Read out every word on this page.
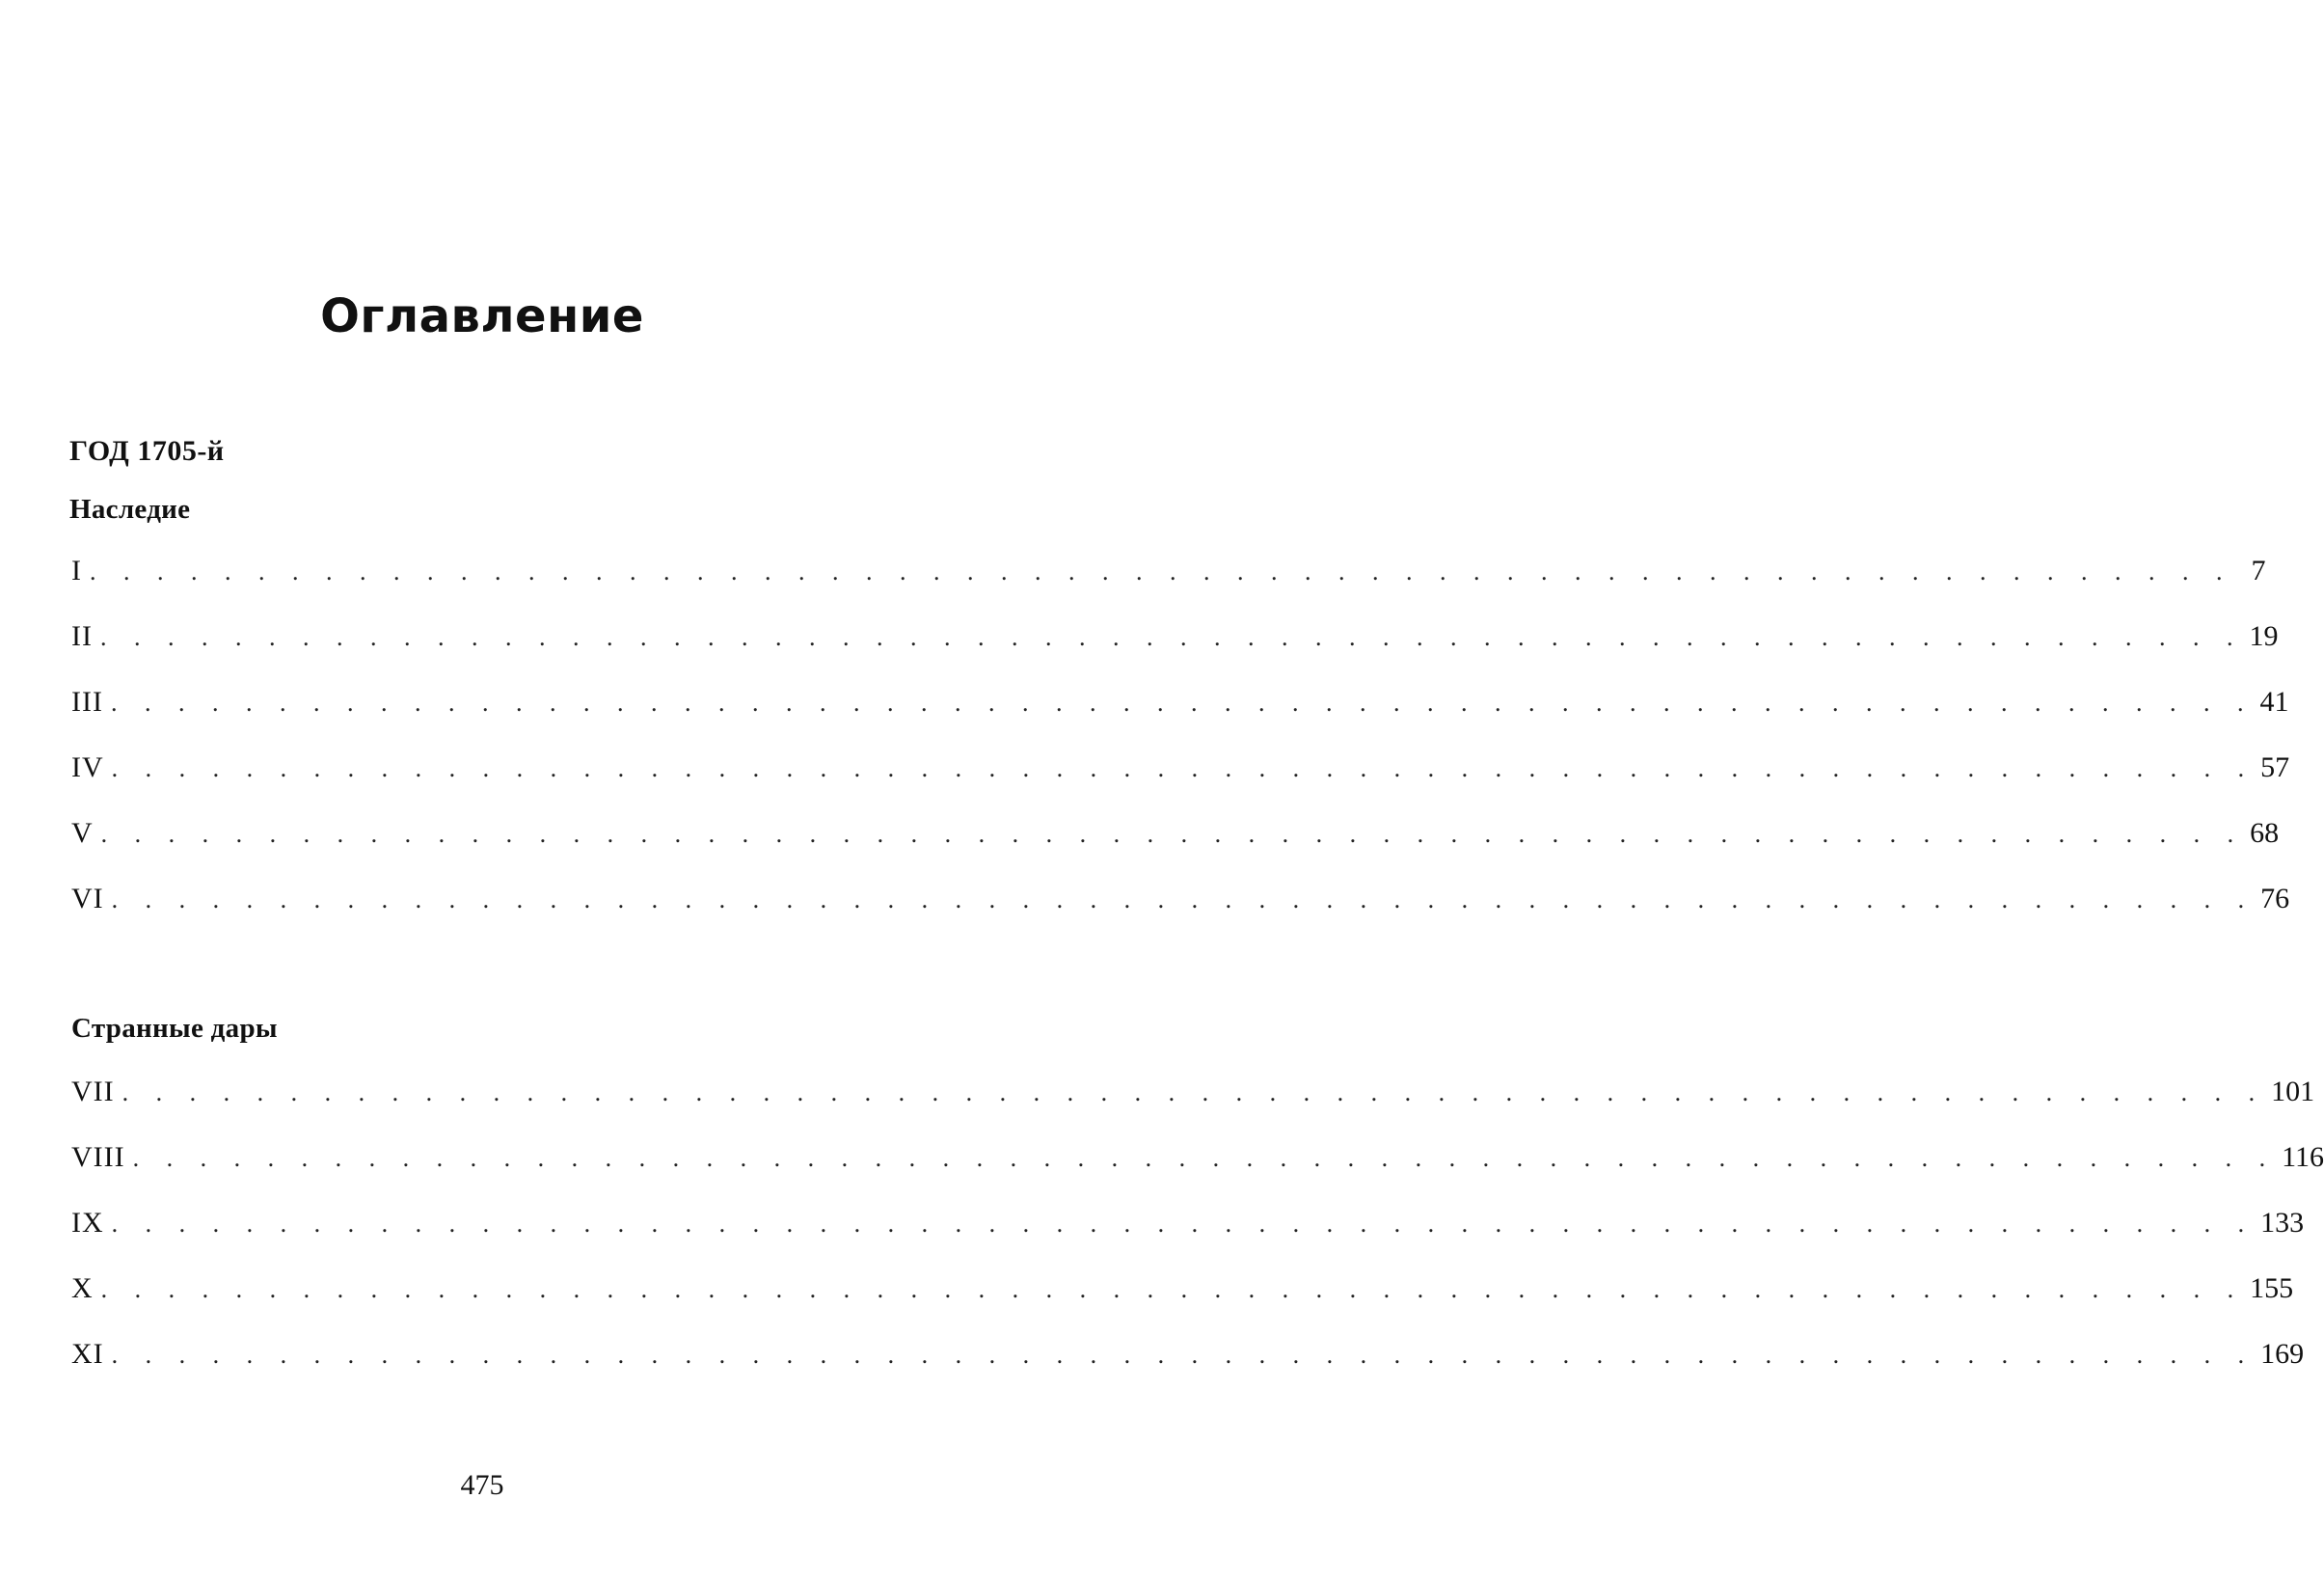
Оглавление
ГОД 1705-й
Наследие
I . . . . . . . . . . . . . . . . . . . . . . . . . . . . . . . . . . . . . . . . . . . . . . . . . . . . . . . . . . . . . . . . 7
II . . . . . . . . . . . . . . . . . . . . . . . . . . . . . . . . . . . . . . . . . . . . . . . . . . . . . . . . . . . . . . . . 19
III . . . . . . . . . . . . . . . . . . . . . . . . . . . . . . . . . . . . . . . . . . . . . . . . . . . . . . . . . . . . . . . . 41
IV . . . . . . . . . . . . . . . . . . . . . . . . . . . . . . . . . . . . . . . . . . . . . . . . . . . . . . . . . . . . . . . . 57
V . . . . . . . . . . . . . . . . . . . . . . . . . . . . . . . . . . . . . . . . . . . . . . . . . . . . . . . . . . . . . . . . 68
VI . . . . . . . . . . . . . . . . . . . . . . . . . . . . . . . . . . . . . . . . . . . . . . . . . . . . . . . . . . . . . . . . 76
Странные дары
VII . . . . . . . . . . . . . . . . . . . . . . . . . . . . . . . . . . . . . . . . . . . . . . . . . . . . . . . . . . . . . . . . 101
VIII . . . . . . . . . . . . . . . . . . . . . . . . . . . . . . . . . . . . . . . . . . . . . . . . . . . . . . . . . . . . . . . . 116
IX . . . . . . . . . . . . . . . . . . . . . . . . . . . . . . . . . . . . . . . . . . . . . . . . . . . . . . . . . . . . . . . . 133
X . . . . . . . . . . . . . . . . . . . . . . . . . . . . . . . . . . . . . . . . . . . . . . . . . . . . . . . . . . . . . . . . 155
XI . . . . . . . . . . . . . . . . . . . . . . . . . . . . . . . . . . . . . . . . . . . . . . . . . . . . . . . . . . . . . . . . 169

475
